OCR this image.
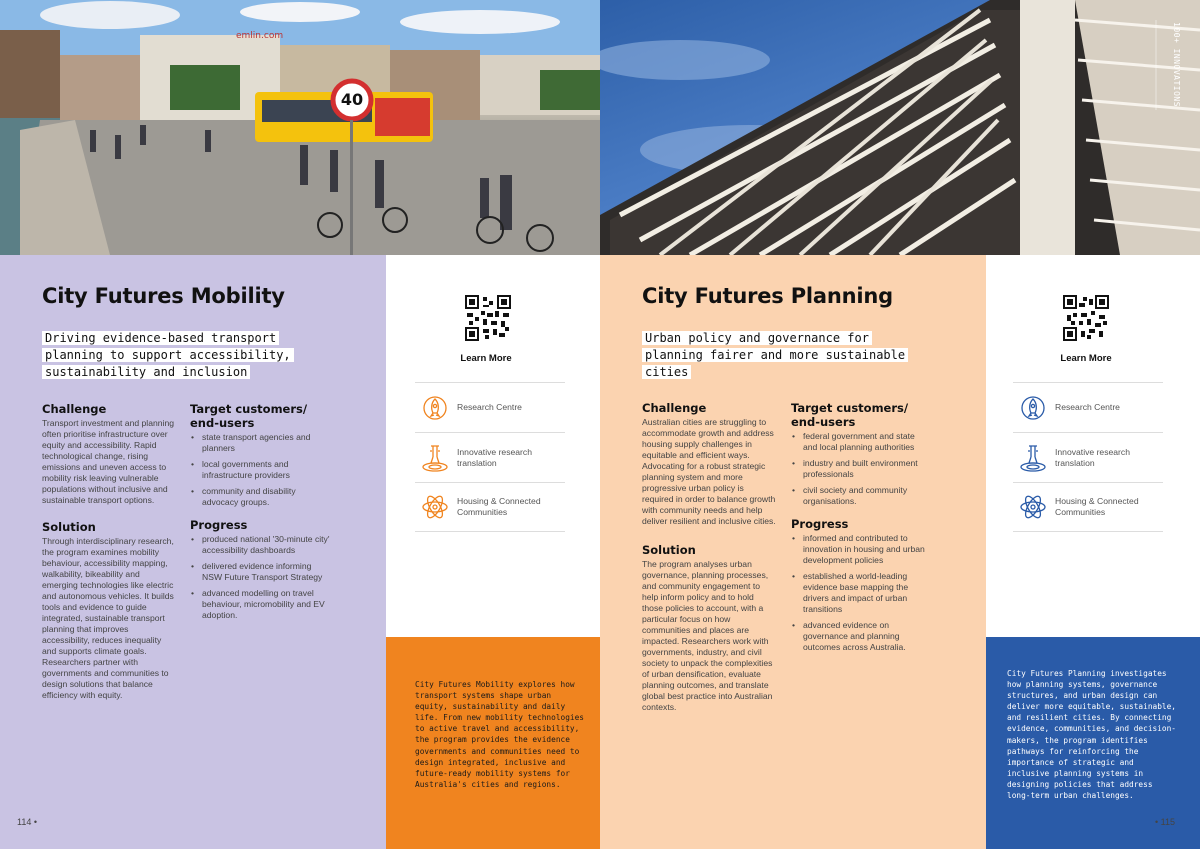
40
emlin.com	100+ INNOVATIONS
City Futures Mobility
Driving evidence-based transport
planning to support accessibility,
sustainability and inclusion
Challenge
Transport investment and planning often prioritise infrastructure over equity and accessibility. Rapid technological change, rising emissions and uneven access to mobility risk leaving vulnerable populations without inclusive and sustainable transport options.
Solution
Through interdisciplinary research, the program examines mobility behaviour, accessibility mapping, walkability, bikeability and emerging technologies like electric and autonomous vehicles. It builds tools and evidence to guide integrated, sustainable transport planning that improves accessibility, reduces inequality and supports climate goals. Researchers partner with governments and communities to design solutions that balance efficiency with equity.
Target customers/ end-users
• state transport agencies and planners
• local governments and infrastructure providers
• community and disability advocacy groups.
Progress
• produced national '30-minute city' accessibility dashboards
• delivered evidence informing NSW Future Transport Strategy
• advanced modelling on travel behaviour, micromobility and EV adoption.
Learn More
Research Centre
Innovative research translation
Housing & Connected Communities
City Futures Mobility explores how transport systems shape urban equity, sustainability and daily life. From new mobility technologies to active travel and accessibility, the program provides the evidence governments and communities need to design integrated, inclusive and future-ready mobility systems for Australia's cities and regions.
114 •
City Futures Planning
Urban policy and governance for
planning fairer and more sustainable
cities
Challenge
Australian cities are struggling to accommodate growth and address housing supply challenges in equitable and efficient ways. Advocating for a robust strategic planning system and more progressive urban policy is required in order to balance growth with community needs and help deliver resilient and inclusive cities.
Solution
The program analyses urban governance, planning processes, and community engagement to help inform policy and to hold those policies to account, with a particular focus on how communities and places are impacted. Researchers work with governments, industry, and civil society to unpack the complexities of urban densification, evaluate planning outcomes, and translate global best practice into Australian contexts.
Target customers/ end-users
• federal government and state and local planning authorities
• industry and built environment professionals
• civil society and community organisations.
Progress
• informed and contributed to innovation in housing and urban development policies
• established a world-leading evidence base mapping the drivers and impact of urban transitions
• advanced evidence on governance and planning outcomes across Australia.
Learn More
Research Centre
Innovative research translation
Housing & Connected Communities
City Futures Planning investigates how planning systems, governance structures, and urban design can deliver more equitable, sustainable, and resilient cities. By connecting evidence, communities, and decision-makers, the program identifies pathways for reinforcing the importance of strategic and inclusive planning systems in designing policies that address long-term urban challenges.
• 115
